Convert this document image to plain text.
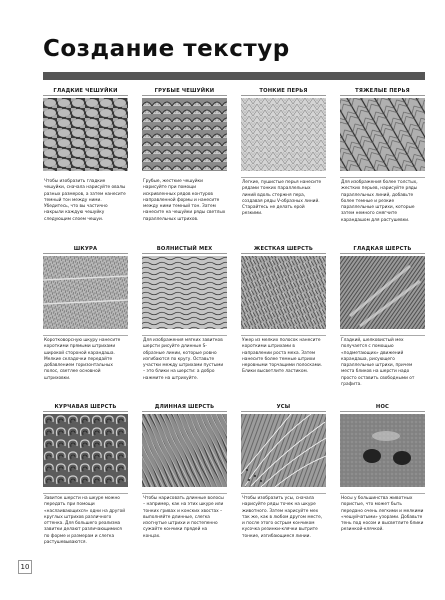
Создание текстур
ГЛАДКИЕ ЧЕШУЙКИ
Чтобы изобразить гладкие чешуйки, сначала нарисуйте овалы разных размеров, а затем нанесите темный тон между ними. Убедитесь, что вы частично накрыли каждую чешуйку следующим слоем чешуи.
ГРУБЫЕ ЧЕШУЙКИ
Грубые, жесткие чешуйки нарисуйте при помощи искривленных рядов контуров направленной формы и нанесите между ними темный тон. Затем нанесите на чешуйки ряды светлых параллельных штрихов.
ТОНКИЕ ПЕРЬЯ
Легкие, пушистые перья нанесите рядами тонких параллельных линий вдоль стержня пера, создавая ряды V-образных линий. Старайтесь не делать ерой резкими.
ТЯЖЕЛЫЕ ПЕРЬЯ
Для изображения более толстых, жестких перьев, нарисуйте ряды параллельных линий, добавьте более темные и резкие параллельные штрихи, которые затем немного смягчите карандашом для растушевки.
ШКУРА
Коротковорсную шкуру нанесите короткими прямыми штрихами широкой стороной карандаша. Мелкие складочки передайте добавлением горизонтальных полос, светлее основной штриховки.
ВОЛНИСТЫЙ МЕХ
Для изображения мягких завитков шерсти рисуйте длинные S-образные линии, которые ровно изгибаются по кругу. Оставьте участки между штрихами пустыми – это блики на шерсти: а добро нажмите на штрихуйте.
ЖЕСТКАЯ ШЕРСТЬ
Ужер из мелких полосок нанесите короткими штрихами в направлении роста меха. Затем нанесите более темные штрихи неровными торчащими полосками. Блики высветлите ластиком.
ГЛАДКАЯ ШЕРСТЬ
Гладкий, шелковистый мех получается с помощью «подметающих» движений карандаша, рисующего параллельные штрихи, причем места бликов на шерсти надо просто оставить свободными от графита.
КУРЧАВАЯ ШЕРСТЬ
Завиток шерсти на шкуре можно передать при помощи «наслаивающихся» одни на другой круглых штрихов различного оттенка. Для большего реализма завитки делают различающимися по форме и размерам и слегка растушевываются.
ДЛИННАЯ ШЕРСТЬ
Чтобы нарисовать длинные волосы – например, как на этих шкуре или тонких гривах и конских хвостах – выполняйте длинные, слегка изогнутые штрихи и постепенно сужайте кончики прядей на концах.
УСЫ
Чтобы изобразить усы, сначала нарисуйте ряды точек на шкуре животного. Затем нарисуйте мех так же, как в любом другом месте, и после этого острым кончиком кусочка резинки-клячки вытрите тонкие, изгибающиеся линии.
НОС
Носы у большинства животных пористые, что может быть передано очень легкими и мелкими «чешуйчатыми» узорами. Добавьте тень под носом и высветлите блики резинкой-клячкой.
10
